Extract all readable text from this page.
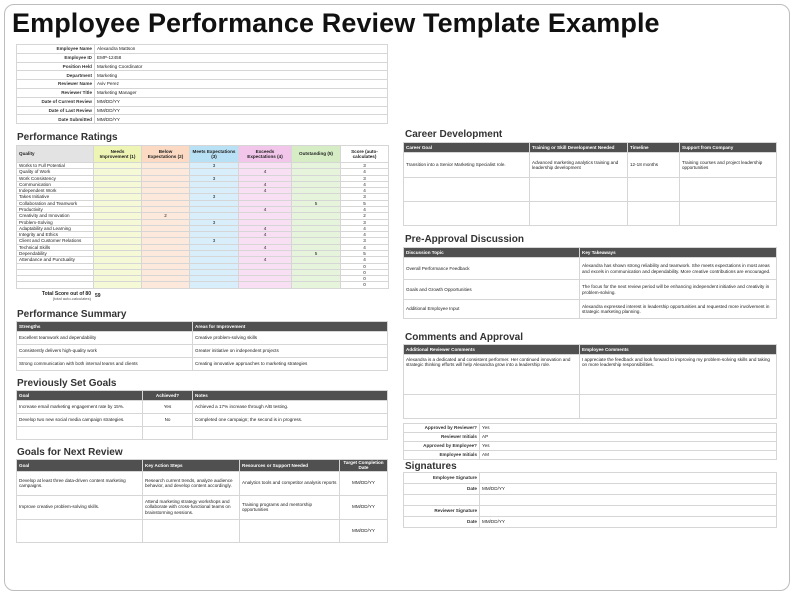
Employee Performance Review Template Example
Employee Name	Alexandra Mattson
Employee ID	EMP-12458
Position Held	Marketing Coordinator
Department	Marketing
Reviewer Name	Aviv Perez
Reviewer Title	Marketing Manager
Date of Current Review	MM/DD/YY
Date of Last Review	MM/DD/YY
Date Submitted	MM/DD/YY
Performance Ratings
Quality	Needs Improvement (1)	Below Expectations (2)	Meets Expectations (3)	Exceeds Expectations (4)	Outstanding (5)	Score (auto-calculates)
Works to Full Potential			3			3
Quality of Work				4		4
Work Consistency			3			3
Communication				4		4
Independent Work				4		4
Takes Initiative			3			3
Collaboration and Teamwork					5	5
Productivity				4		4
Creativity and Innovation		2				2
Problem-Solving			3			3
Adaptability and Learning				4		4
Integrity and Ethics				4		4
Client and Customer Relations			3			3
Technical Skills				4		4
Dependability					5	5
Attendance and Punctuality				4		4
						0
						0
						0
						0
Total Score out of 80
(total auto-calculates)	59
Performance Summary
Strengths	Areas for Improvement
Excellent teamwork and dependability	Creative problem-solving skills
Consistently delivers high-quality work	Greater initiative on independent projects
Strong communication with both internal teams and clients	Creating innovative approaches to marketing strategies
Previously Set Goals
Goal	Achieved?	Notes
Increase email marketing engagement rate by 15%.	Yes	Achieved a 17% increase through A/B testing.
Develop two new social media campaign strategies.	No	Completed one campaign; the second is in progress.

Goals for Next Review
Goal	Key Action Steps	Resources or Support Needed	Target Completion Date
Develop at least three data-driven content marketing campaigns.	Research current trends, analyze audience behavior, and develop content accordingly.	Analytics tools and competitor analysis reports	MM/DD/YY
Improve creative problem-solving skills.	Attend marketing strategy workshops and collaborate with cross-functional teams on brainstorming sessions.	Training programs and mentorship opportunities	MM/DD/YY
			MM/DD/YY
Career Development
Career Goal	Training or Skill Development Needed	Timeline	Support from Company
Transition into a Senior Marketing Specialist role.	Advanced marketing analytics training and leadership development	12-18 months	Training courses and project leadership opportunities

Pre-Approval Discussion
Discussion Topic	Key Takeaways
Overall Performance Feedback	Alexandra has shown strong reliability and teamwork. She meets expectations in most areas and excels in communication and dependability. More creative contributions are encouraged.
Goals and Growth Opportunities	The focus for the next review period will be enhancing independent initiative and creativity in problem-solving.
Additional Employee Input	Alexandra expressed interest in leadership opportunities and requested more involvement in strategic marketing planning.
Comments and Approval
Additional Reviewer Comments	Employee Comments
Alexandra is a dedicated and consistent performer. Her continued innovation and strategic thinking efforts will help Alexandra grow into a leadership role.	I appreciate the feedback and look forward to improving my problem-solving skills and taking on more leadership responsibilities.

Approved by Reviewer?	Yes
Reviewer Initials	AP
Approved by Employee?	Yes
Employee Initials	AM
Signatures
Employee Signature	
Date	MM/DD/YY

Reviewer Signature	
Date	MM/DD/YY
